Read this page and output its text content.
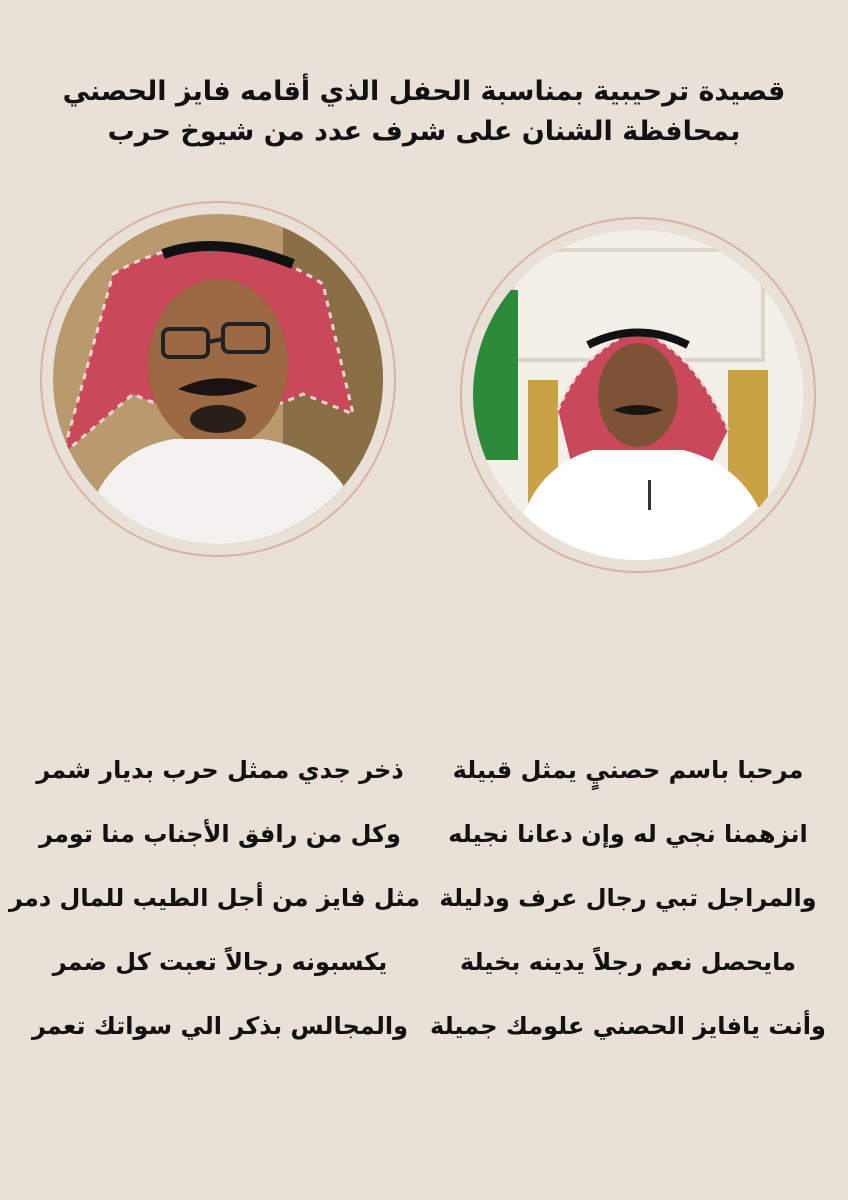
قصيدة ترحيبية بمناسبة الحفل الذي أقامه فايز الحصني
بمحافظة الشنان على شرف عدد من شيوخ حرب
مرحبا باسم حصنيٍ يمثل قبيلة
ذخر جدي ممثل حرب بديار شمر
انزهمنا نجي له وإن دعانا نجيله
وكل من رافق الأجناب منا تومر
والمراجل تبي رجال عرف ودليلة
مثل فايز من أجل الطيب للمال دمر
مايحصل نعم رجلاً يدينه بخيلة
يكسبونه رجالاً تعبت كل ضمر
وأنت يافايز الحصني علومك جميلة
والمجالس بذكر الي سواتك تعمر
